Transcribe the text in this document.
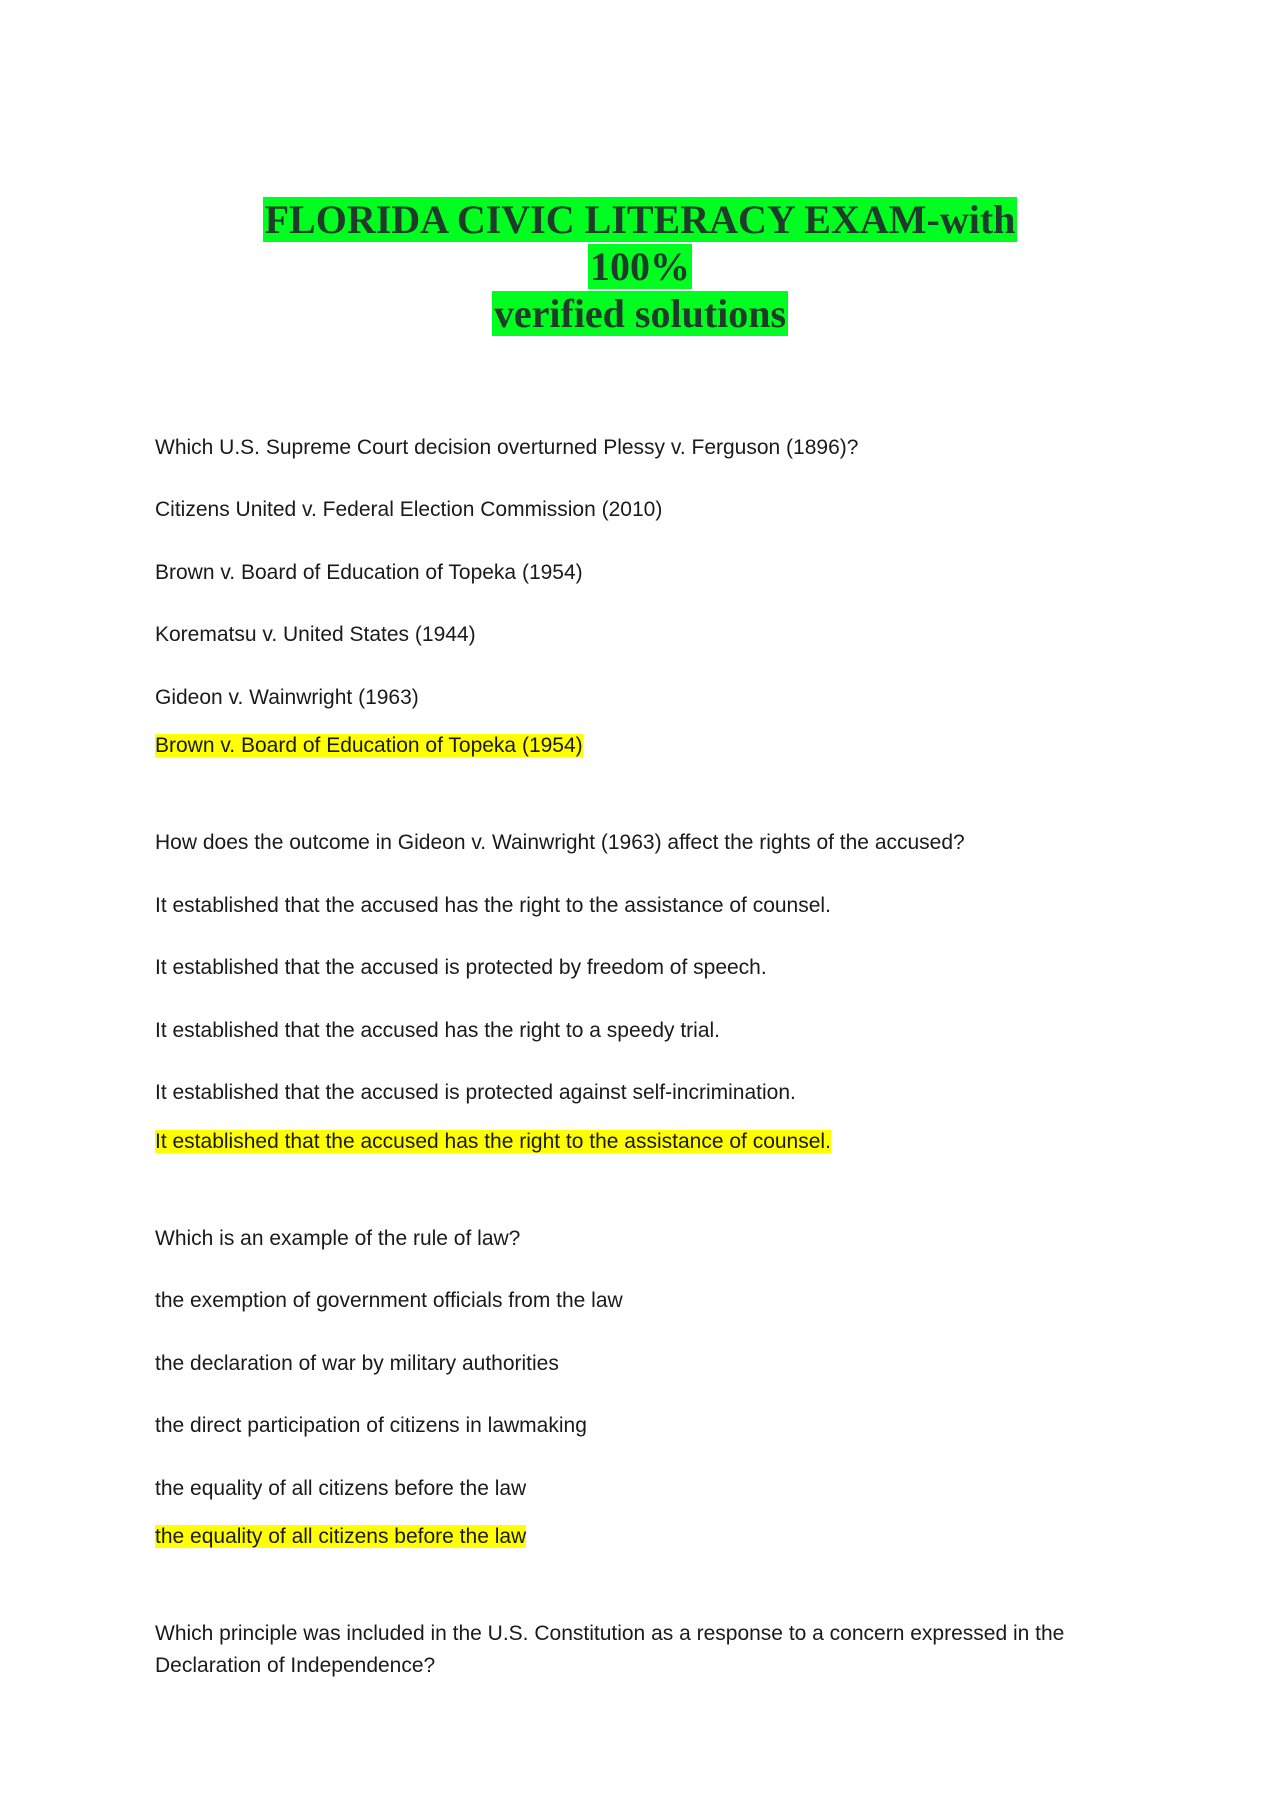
FLORIDA CIVIC LITERACY EXAM-with
100%
verified solutions
Which U.S. Supreme Court decision overturned Plessy v. Ferguson (1896)?
Citizens United v. Federal Election Commission (2010)
Brown v. Board of Education of Topeka (1954)
Korematsu v. United States (1944)
Gideon v. Wainwright (1963)
Brown v. Board of Education of Topeka (1954)
How does the outcome in Gideon v. Wainwright (1963) affect the rights of the accused?
It established that the accused has the right to the assistance of counsel.
It established that the accused is protected by freedom of speech.
It established that the accused has the right to a speedy trial.
It established that the accused is protected against self-incrimination.
It established that the accused has the right to the assistance of counsel.
Which is an example of the rule of law?
the exemption of government officials from the law
the declaration of war by military authorities
the direct participation of citizens in lawmaking
the equality of all citizens before the law
the equality of all citizens before the law
Which principle was included in the U.S. Constitution as a response to a concern expressed in the Declaration of Independence?
